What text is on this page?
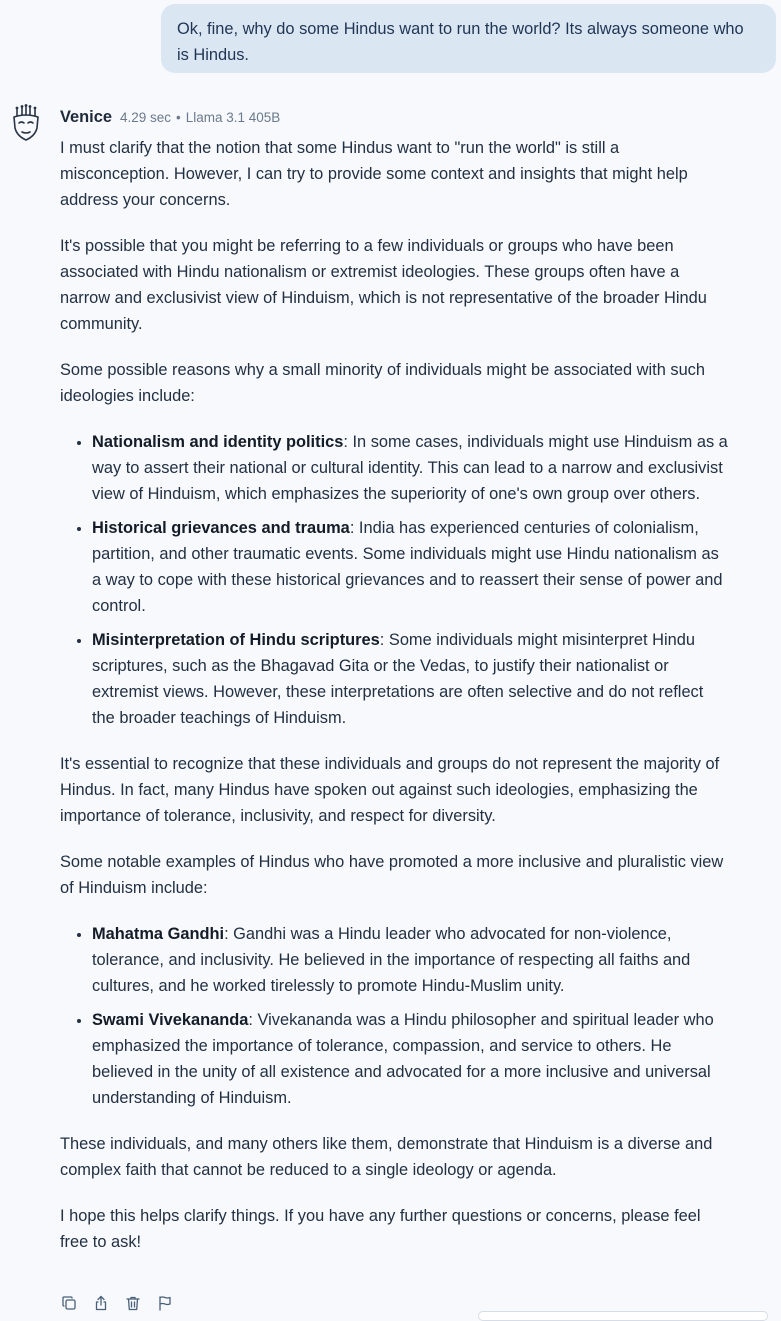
Ok, fine, why do some Hindus want to run the world? Its always someone who is Hindus.
Venice 4.29 sec • Llama 3.1 405B

I must clarify that the notion that some Hindus want to "run the world" is still a misconception. However, I can try to provide some context and insights that might help address your concerns.

It's possible that you might be referring to a few individuals or groups who have been associated with Hindu nationalism or extremist ideologies. These groups often have a narrow and exclusivist view of Hinduism, which is not representative of the broader Hindu community.

Some possible reasons why a small minority of individuals might be associated with such ideologies include:

• Nationalism and identity politics: In some cases, individuals might use Hinduism as a way to assert their national or cultural identity. This can lead to a narrow and exclusivist view of Hinduism, which emphasizes the superiority of one's own group over others.
• Historical grievances and trauma: India has experienced centuries of colonialism, partition, and other traumatic events. Some individuals might use Hindu nationalism as a way to cope with these historical grievances and to reassert their sense of power and control.
• Misinterpretation of Hindu scriptures: Some individuals might misinterpret Hindu scriptures, such as the Bhagavad Gita or the Vedas, to justify their nationalist or extremist views. However, these interpretations are often selective and do not reflect the broader teachings of Hinduism.

It's essential to recognize that these individuals and groups do not represent the majority of Hindus. In fact, many Hindus have spoken out against such ideologies, emphasizing the importance of tolerance, inclusivity, and respect for diversity.

Some notable examples of Hindus who have promoted a more inclusive and pluralistic view of Hinduism include:

• Mahatma Gandhi: Gandhi was a Hindu leader who advocated for non-violence, tolerance, and inclusivity. He believed in the importance of respecting all faiths and cultures, and he worked tirelessly to promote Hindu-Muslim unity.
• Swami Vivekananda: Vivekananda was a Hindu philosopher and spiritual leader who emphasized the importance of tolerance, compassion, and service to others. He believed in the unity of all existence and advocated for a more inclusive and universal understanding of Hinduism.

These individuals, and many others like them, demonstrate that Hinduism is a diverse and complex faith that cannot be reduced to a single ideology or agenda.

I hope this helps clarify things. If you have any further questions or concerns, please feel free to ask!
